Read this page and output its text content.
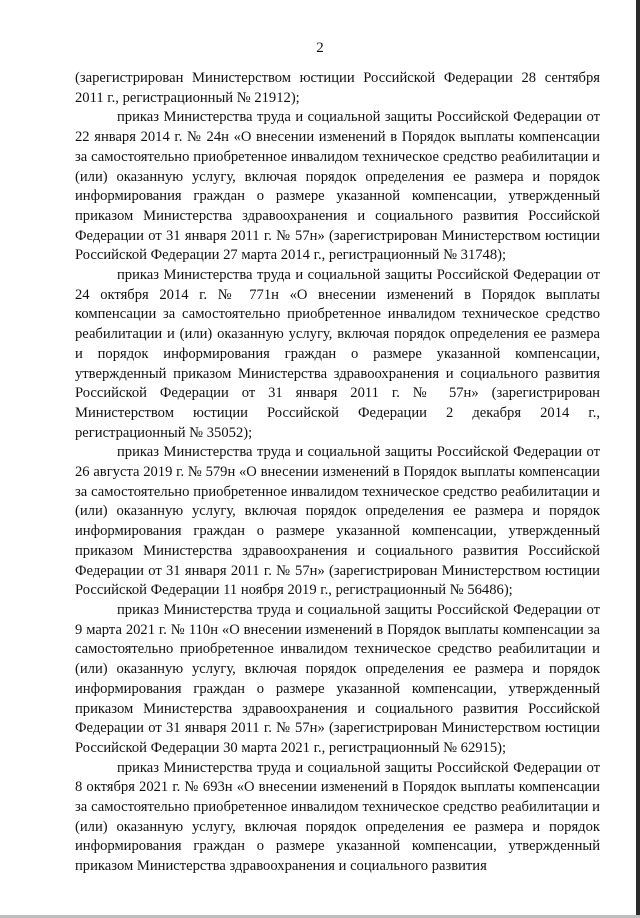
2

(зарегистрирован Министерством юстиции Российской Федерации 28 сентября 2011 г., регистрационный № 21912);

приказ Министерства труда и социальной защиты Российской Федерации от 22 января 2014 г. № 24н «О внесении изменений в Порядок выплаты компенсации за самостоятельно приобретенное инвалидом техническое средство реабилитации и (или) оказанную услугу, включая порядок определения ее размера и порядок информирования граждан о размере указанной компенсации, утвержденный приказом Министерства здравоохранения и социального развития Российской Федерации от 31 января 2011 г. № 57н» (зарегистрирован Министерством юстиции Российской Федерации 27 марта 2014 г., регистрационный № 31748);

приказ Министерства труда и социальной защиты Российской Федерации от 24 октября 2014 г. № 771н «О внесении изменений в Порядок выплаты компенсации за самостоятельно приобретенное инвалидом техническое средство реабилитации и (или) оказанную услугу, включая порядок определения ее размера и порядок информирования граждан о размере указанной компенсации, утвержденный приказом Министерства здравоохранения и социального развития Российской Федерации от 31 января 2011 г. № 57н» (зарегистрирован Министерством юстиции Российской Федерации 2 декабря 2014 г., регистрационный № 35052);

приказ Министерства труда и социальной защиты Российской Федерации от 26 августа 2019 г. № 579н «О внесении изменений в Порядок выплаты компенсации за самостоятельно приобретенное инвалидом техническое средство реабилитации и (или) оказанную услугу, включая порядок определения ее размера и порядок информирования граждан о размере указанной компенсации, утвержденный приказом Министерства здравоохранения и социального развития Российской Федерации от 31 января 2011 г. № 57н» (зарегистрирован Министерством юстиции Российской Федерации 11 ноября 2019 г., регистрационный № 56486);

приказ Министерства труда и социальной защиты Российской Федерации от 9 марта 2021 г. № 110н «О внесении изменений в Порядок выплаты компенсации за самостоятельно приобретенное инвалидом техническое средство реабилитации и (или) оказанную услугу, включая порядок определения ее размера и порядок информирования граждан о размере указанной компенсации, утвержденный приказом Министерства здравоохранения и социального развития Российской Федерации от 31 января 2011 г. № 57н» (зарегистрирован Министерством юстиции Российской Федерации 30 марта 2021 г., регистрационный № 62915);

приказ Министерства труда и социальной защиты Российской Федерации от 8 октября 2021 г. № 693н «О внесении изменений в Порядок выплаты компенсации за самостоятельно приобретенное инвалидом техническое средство реабилитации и (или) оказанную услугу, включая порядок определения ее размера и порядок информирования граждан о размере указанной компенсации, утвержденный приказом Министерства здравоохранения и социального развития
